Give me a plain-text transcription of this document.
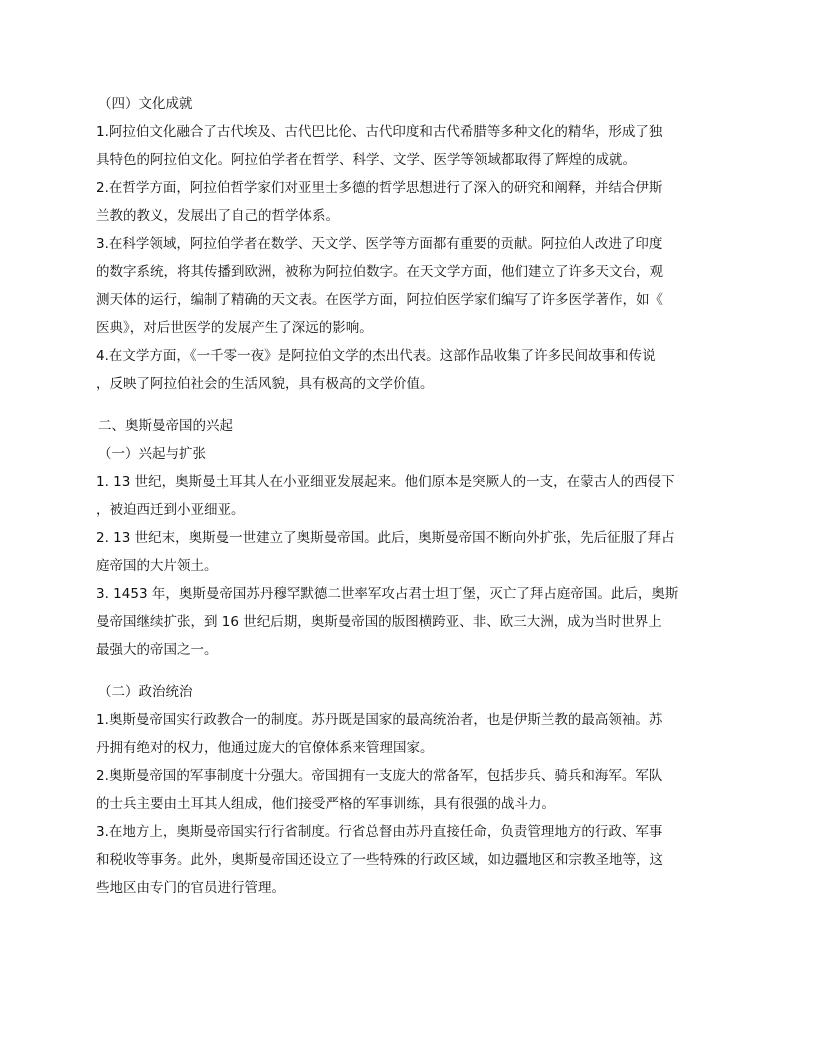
（四）文化成就
1.阿拉伯文化融合了古代埃及、古代巴比伦、古代印度和古代希腊等多种文化的精华，形成了独
具特色的阿拉伯文化。阿拉伯学者在哲学、科学、文学、医学等领域都取得了辉煌的成就。
2.在哲学方面，阿拉伯哲学家们对亚里士多德的哲学思想进行了深入的研究和阐释，并结合伊斯
兰教的教义，发展出了自己的哲学体系。
3.在科学领域，阿拉伯学者在数学、天文学、医学等方面都有重要的贡献。阿拉伯人改进了印度
的数字系统，将其传播到欧洲，被称为阿拉伯数字。在天文学方面，他们建立了许多天文台，观
测天体的运行，编制了精确的天文表。在医学方面，阿拉伯医学家们编写了许多医学著作，如《
医典》，对后世医学的发展产生了深远的影响。
4.在文学方面，《一千零一夜》是阿拉伯文学的杰出代表。这部作品收集了许多民间故事和传说
，反映了阿拉伯社会的生活风貌，具有极高的文学价值。
二、奥斯曼帝国的兴起
（一）兴起与扩张
1. 13 世纪，奥斯曼土耳其人在小亚细亚发展起来。他们原本是突厥人的一支，在蒙古人的西侵下
，被迫西迁到小亚细亚。
2. 13 世纪末，奥斯曼一世建立了奥斯曼帝国。此后，奥斯曼帝国不断向外扩张，先后征服了拜占
庭帝国的大片领土。
3. 1453 年，奥斯曼帝国苏丹穆罕默德二世率军攻占君士坦丁堡，灭亡了拜占庭帝国。此后，奥斯
曼帝国继续扩张，到 16 世纪后期，奥斯曼帝国的版图横跨亚、非、欧三大洲，成为当时世界上
最强大的帝国之一。
（二）政治统治
1.奥斯曼帝国实行政教合一的制度。苏丹既是国家的最高统治者，也是伊斯兰教的最高领袖。苏
丹拥有绝对的权力，他通过庞大的官僚体系来管理国家。
2.奥斯曼帝国的军事制度十分强大。帝国拥有一支庞大的常备军，包括步兵、骑兵和海军。军队
的士兵主要由土耳其人组成，他们接受严格的军事训练，具有很强的战斗力。
3.在地方上，奥斯曼帝国实行行省制度。行省总督由苏丹直接任命，负责管理地方的行政、军事
和税收等事务。此外，奥斯曼帝国还设立了一些特殊的行政区域，如边疆地区和宗教圣地等，这
些地区由专门的官员进行管理。
